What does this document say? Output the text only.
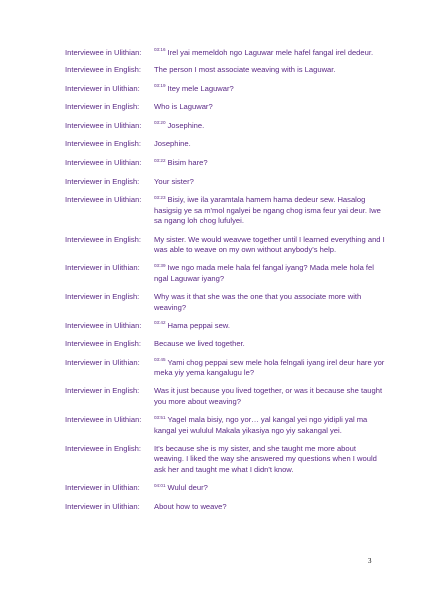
Interviewee in Ulithian:	$^{03:16}$ Irel yai memeldoh ngo Laguwar mele hafel fangal irel dedeur.
Interviewee in English:	The person I most associate weaving with is Laguwar.
Interviewer in Ulithian:	$^{03:19}$ Itey mele Laguwar?
Interviewer in English:	Who is Laguwar?
Interviewee in Ulithian:	$^{03:20}$ Josephine.
Interviewee in English:	Josephine.
Interviewee in Ulithian:	$^{03:22}$ Bisim hare?
Interviewer in English:	Your sister?
Interviewee in Ulithian:	$^{03:23}$ Bisiy, iwe ila yaramtala hamem hama dedeur sew. Hasalog hasigsig ye sa m'mol ngalyei be ngang chog isma feur yai deur. Iwe sa ngang loh chog lufulyei.
Interviewee in English:	My sister. We would weavwe together until I learned everything and I was able to weave on my own without anybody's help.
Interviewer in Ulithian:	$^{03:39}$ Iwe ngo mada mele hala fel fangal iyang? Mada mele hola fel ngal Laguwar iyang?
Interviewer in English:	Why was it that she was the one that you associate more with weaving?
Interviewee in Ulithian:	$^{03:42}$ Hama peppai sew.
Interviewee in English:	Because we lived together.
Interviewer in Ulithian:	$^{03:45}$ Yami chog peppai sew mele hola felngali iyang irel deur hare yor meka yiy yema kangalugu le?
Interviewer in English:	Was it just because you lived together, or was it because she taught you more about weaving?
Interviewee in Ulithian:	$^{03:51}$ Yagel mala bisiy, ngo yor… yal kangal yei ngo yidipli yal ma kangal yei wululul Makala yikasiya ngo yiy sakangal yei.
Interviewee in English:	It's because she is my sister, and she taught me more about weaving. I liked the way she answered my questions when I would ask her and taught me what I didn't know.
Interviewer in Ulithian:	$^{04:01}$ Wulul deur?
Interviewer in Ulithian:	About how to weave?
3
